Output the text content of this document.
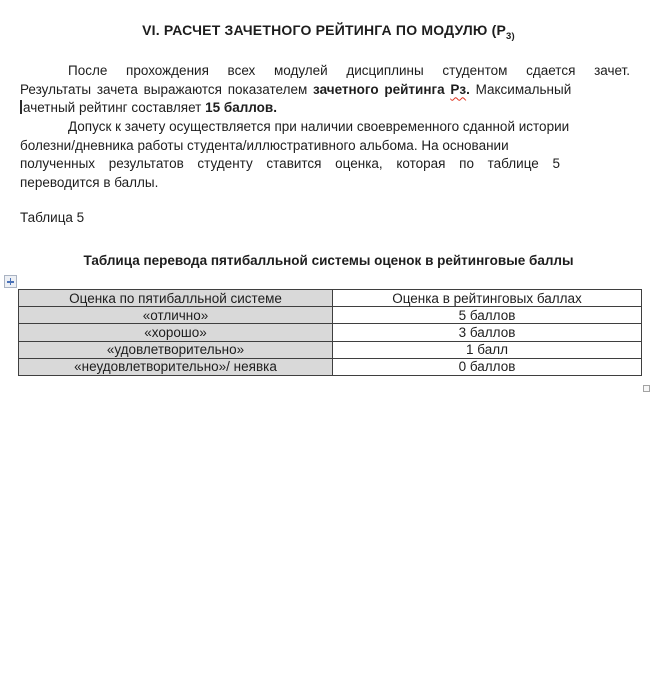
VI. РАСЧЕТ ЗАЧЕТНОГО РЕЙТИНГА ПО МОДУЛЮ ($Р_{3)}$
После прохождения всех модулей дисциплины студентом сдается зачет.
Результаты зачета выражаются показателем зачетного рейтинга Рз. Максимальный
ачетный рейтинг составляет 15 баллов.
Допуск к зачету осуществляется при наличии своевременного сданной истории
болезни/дневника работы студента/иллюстративного альбома. На основании
полученных результатов студенту ставится оценка, которая по таблице 5
переводится в баллы.
Таблица 5
Таблица перевода пятибалльной системы оценок в рейтинговые баллы
Оценка по пятибалльной системе	Оценка в рейтинговых баллах
«отлично»	5 баллов
«хорошо»	3 баллов
«удовлетворительно»	1 балл
«неудовлетворительно»/ неявка	0 баллов
